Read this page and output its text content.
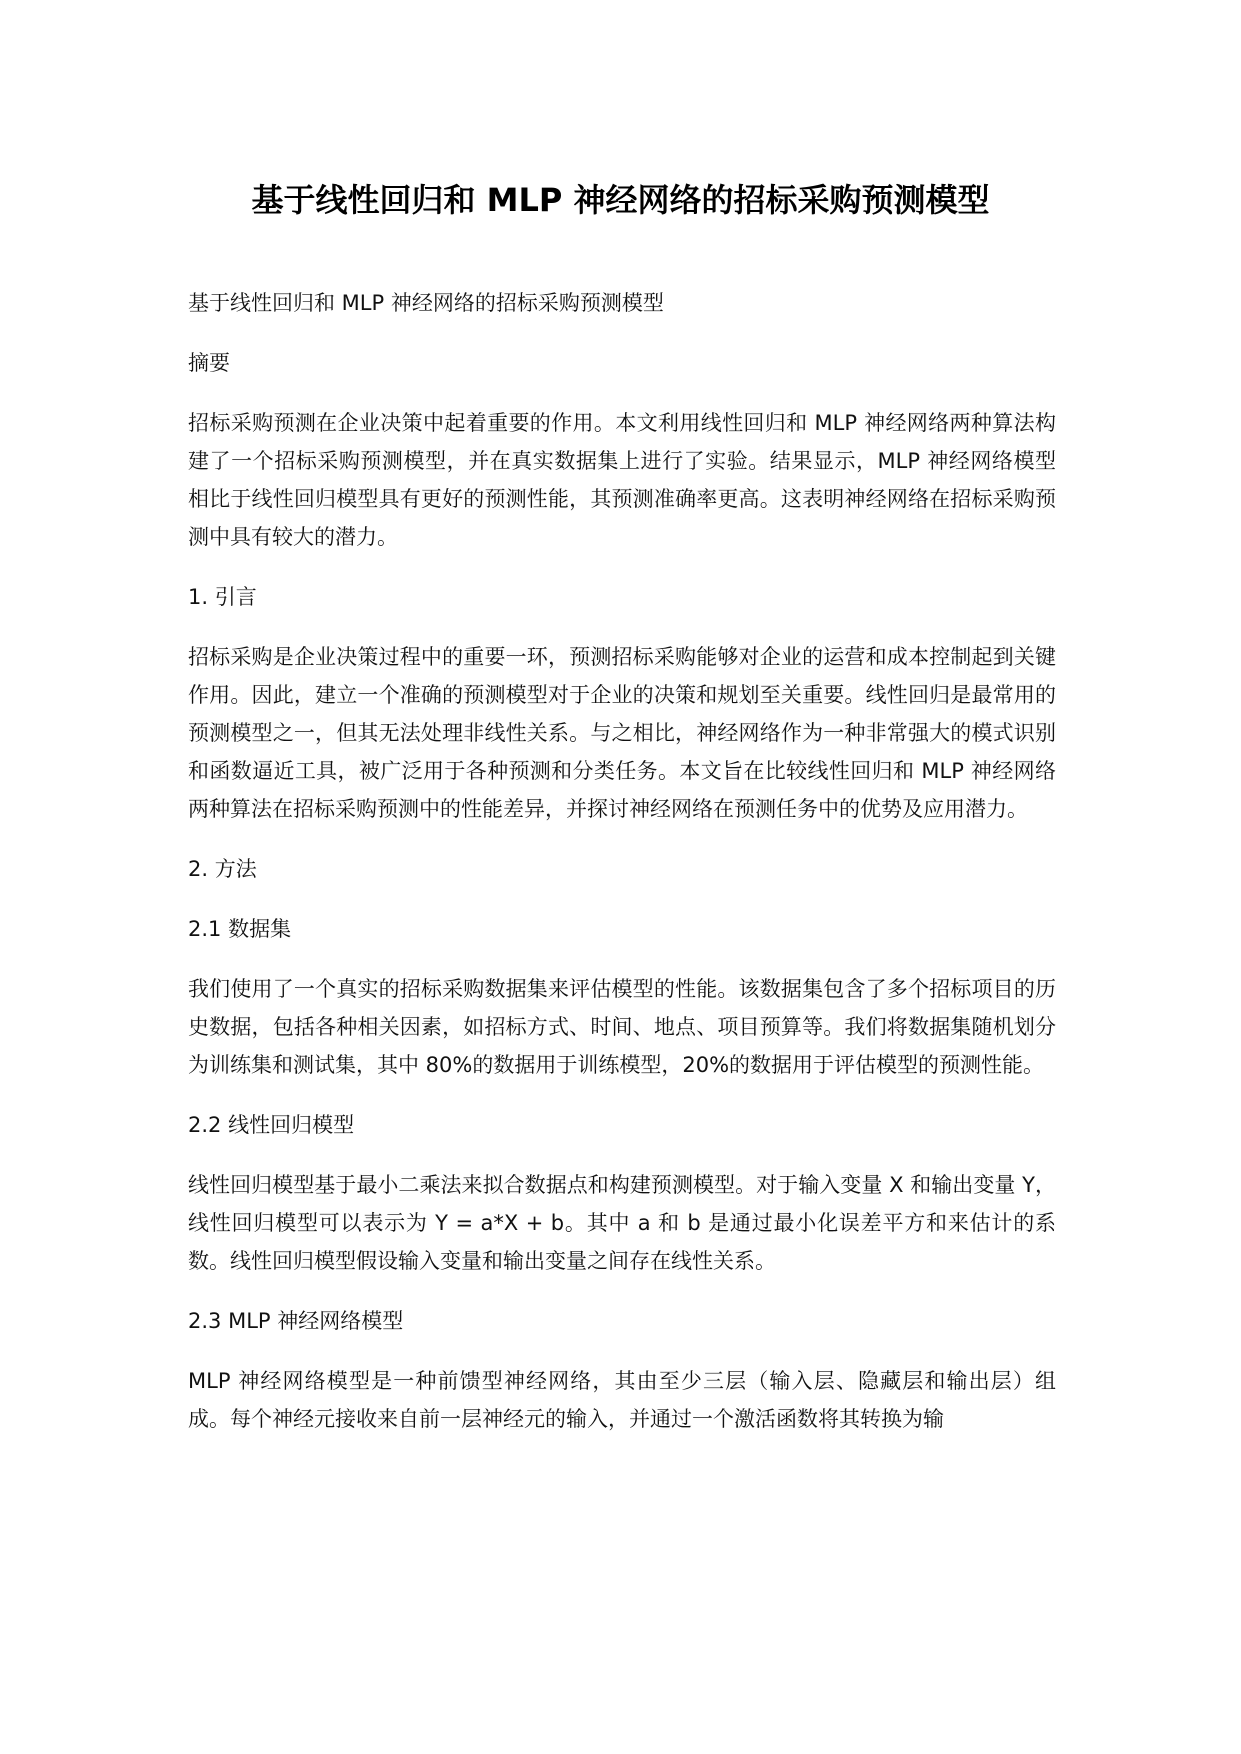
基于线性回归和 MLP 神经网络的招标采购预测模型

基于线性回归和 MLP 神经网络的招标采购预测模型

摘要

招标采购预测在企业决策中起着重要的作用。本文利用线性回归和 MLP 神经网络两种算法构建了一个招标采购预测模型，并在真实数据集上进行了实验。结果显示，MLP 神经网络模型相比于线性回归模型具有更好的预测性能，其预测准确率更高。这表明神经网络在招标采购预测中具有较大的潜力。

1. 引言

招标采购是企业决策过程中的重要一环，预测招标采购能够对企业的运营和成本控制起到关键作用。因此，建立一个准确的预测模型对于企业的决策和规划至关重要。线性回归是最常用的预测模型之一，但其无法处理非线性关系。与之相比，神经网络作为一种非常强大的模式识别和函数逼近工具，被广泛用于各种预测和分类任务。本文旨在比较线性回归和 MLP 神经网络两种算法在招标采购预测中的性能差异，并探讨神经网络在预测任务中的优势及应用潜力。

2. 方法

2.1 数据集

我们使用了一个真实的招标采购数据集来评估模型的性能。该数据集包含了多个招标项目的历史数据，包括各种相关因素，如招标方式、时间、地点、项目预算等。我们将数据集随机划分为训练集和测试集，其中 80%的数据用于训练模型，20%的数据用于评估模型的预测性能。

2.2 线性回归模型

线性回归模型基于最小二乘法来拟合数据点和构建预测模型。对于输入变量 X 和输出变量 Y，线性回归模型可以表示为 Y = a*X + b。其中 a 和 b 是通过最小化误差平方和来估计的系数。线性回归模型假设输入变量和输出变量之间存在线性关系。

2.3 MLP 神经网络模型

MLP 神经网络模型是一种前馈型神经网络，其由至少三层（输入层、隐藏层和输出层）组成。每个神经元接收来自前一层神经元的输入，并通过一个激活函数将其转换为输
